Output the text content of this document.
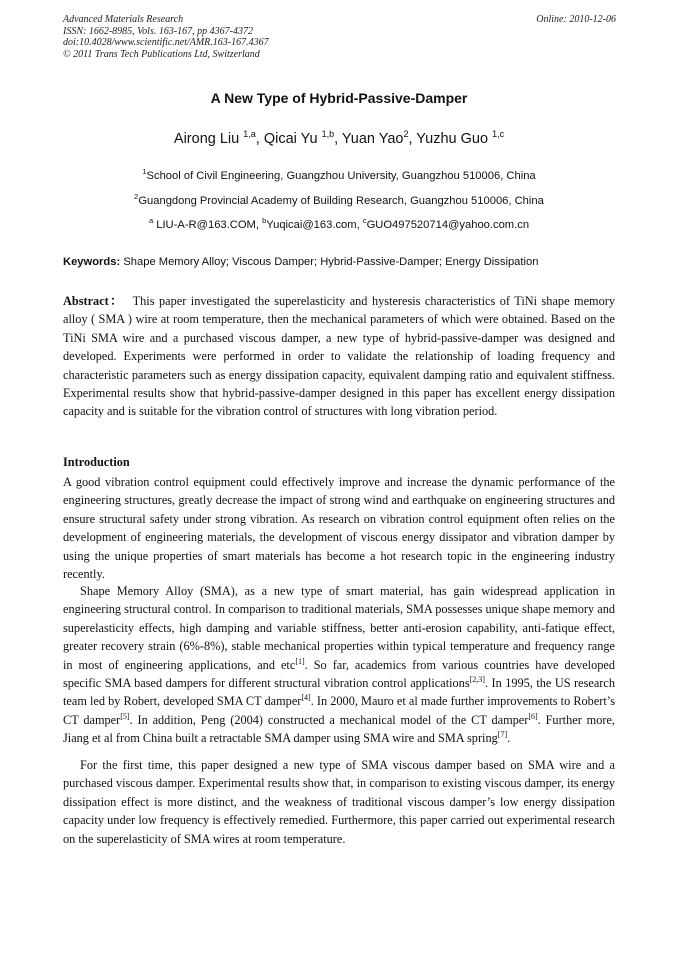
Advanced Materials Research
ISSN: 1662-8985, Vols. 163-167, pp 4367-4372
doi:10.4028/www.scientific.net/AMR.163-167.4367
© 2011 Trans Tech Publications Ltd, Switzerland
Online: 2010-12-06
A New Type of Hybrid-Passive-Damper
Airong Liu $^{1,a}$, Qicai Yu $^{1,b}$, Yuan Yao$^2$, Yuzhu Guo $^{1,c}$
$^1$School of Civil Engineering, Guangzhou University, Guangzhou 510006, China
$^2$Guangdong Provincial Academy of Building Research, Guangzhou 510006, China
$^a$ LIU-A-R@163.COM, $^b$Yuqicai@163.com, $^c$GUO497520714@yahoo.com.cn
Keywords: Shape Memory Alloy; Viscous Damper; Hybrid-Passive-Damper; Energy Dissipation
Abstract： This paper investigated the superelasticity and hysteresis characteristics of TiNi shape memory alloy ( SMA ) wire at room temperature, then the mechanical parameters of which were obtained. Based on the TiNi SMA wire and a purchased viscous damper, a new type of hybrid-passive-damper was designed and developed. Experiments were performed in order to validate the relationship of loading frequency and characteristic parameters such as energy dissipation capacity, equivalent damping ratio and equivalent stiffness. Experimental results show that hybrid-passive-damper designed in this paper has excellent energy dissipation capacity and is suitable for the vibration control of structures with long vibration period.
Introduction
A good vibration control equipment could effectively improve and increase the dynamic performance of the engineering structures, greatly decrease the impact of strong wind and earthquake on engineering structures and ensure structural safety under strong vibration. As research on vibration control equipment often relies on the development of engineering materials, the development of viscous energy dissipator and vibration damper by using the unique properties of smart materials has become a hot research topic in the engineering industry recently.
Shape Memory Alloy (SMA), as a new type of smart material, has gain widespread application in engineering structural control. In comparison to traditional materials, SMA possesses unique shape memory and superelasticity effects, high damping and variable stiffness, better anti-erosion capability, anti-fatique effect, greater recovery strain (6%-8%), stable mechanical properties within typical temperature and frequency range in most of engineering applications, and etc[1]. So far, academics from various countries have developed specific SMA based dampers for different structural vibration control applications[2,3]. In 1995, the US research team led by Robert, developed SMA CT damper[4]. In 2000, Mauro et al made further improvements to Robert’s CT damper[5]. In addition, Peng (2004) constructed a mechanical model of the CT damper[6]. Further more, Jiang et al from China built a retractable SMA damper using SMA wire and SMA spring[7].
For the first time, this paper designed a new type of SMA viscous damper based on SMA wire and a purchased viscous damper. Experimental results show that, in comparison to existing viscous damper, its energy dissipation effect is more distinct, and the weakness of traditional viscous damper’s low energy dissipation capacity under low frequency is effectively remedied. Furthermore, this paper carried out experimental research on the superelasticity of SMA wires at room temperature.
